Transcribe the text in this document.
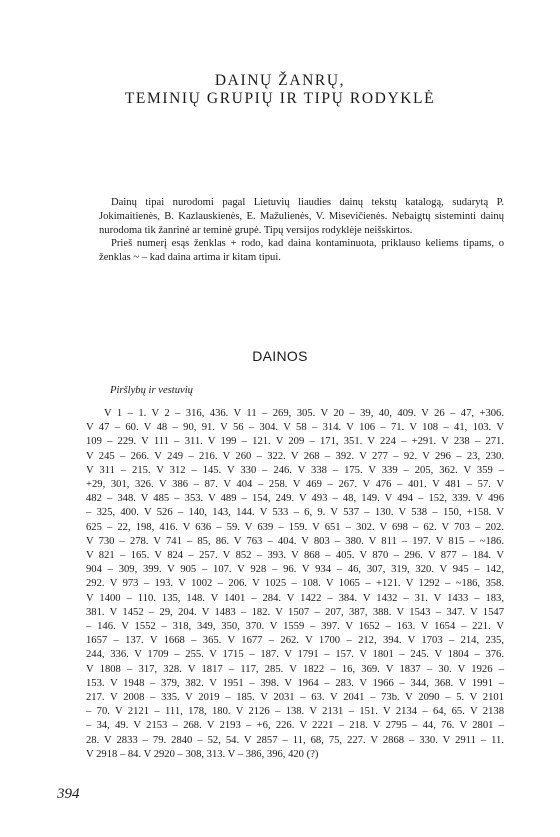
DAINŲ ŽANRŲ,
TEMINIŲ GRUPIŲ IR TIPŲ RODYKLĖ

Dainų tipai nurodomi pagal Lietuvių liaudies dainų tekstų katalogą, sudarytą P. Jokimaitienės, B. Kazlauskienės, E. Mažulienės, V. Misevičienės. Nebaigtų sisteminti dainų nurodoma tik žanrinė ar teminė grupė. Tipų versijos rodyklėje neišskirtos.

Prieš numerį esąs ženklas + rodo, kad daina kontaminuota, priklauso keliems tipams, o ženklas ~ – kad daina artima ir kitam tipui.

DAINOS
Piršlybų ir vestuvių
V 1 – 1. V 2 – 316, 436. V 11 – 269, 305. V 20 – 39, 40, 409. V 26 – 47, +306.
V 47 – 60. V 48 – 90, 91. V 56 – 304. V 58 – 314. V 106 – 71. V 108 – 41, 103. V
109 – 229. V 111 – 311. V 199 – 121. V 209 – 171, 351. V 224 – +291. V 238 – 271.
V 245 – 266. V 249 – 216. V 260 – 322. V 268 – 392. V 277 – 92. V 296 – 23, 230.
V 311 – 215. V 312 – 145. V 330 – 246. V 338 – 175. V 339 – 205, 362. V 359 –
+29, 301, 326. V 386 – 87. V 404 – 258. V 469 – 267. V 476 – 401. V 481 – 57. V
482 – 348. V 485 – 353. V 489 – 154, 249. V 493 – 48, 149. V 494 – 152, 339. V 496
– 325, 400. V 526 – 140, 143, 144. V 533 – 6, 9. V 537 – 130. V 538 – 150, +158. V
625 – 22, 198, 416. V 636 – 59. V 639 – 159. V 651 – 302. V 698 – 62. V 703 – 202.
V 730 – 278. V 741 – 85, 86. V 763 – 404. V 803 – 380. V 811 – 197. V 815 – ~186.
V 821 – 165. V 824 – 257. V 852 – 393. V 868 – 405. V 870 – 296. V 877 – 184. V
904 – 309, 399. V 905 – 107. V 928 – 96. V 934 – 46, 307, 319, 320. V 945 – 142,
292. V 973 – 193. V 1002 – 206. V 1025 – 108. V 1065 – +121. V 1292 – ~186, 358.
V 1400 – 110. 135, 148. V 1401 – 284. V 1422 – 384. V 1432 – 31. V 1433 – 183,
381. V 1452 – 29, 204. V 1483 – 182. V 1507 – 207, 387, 388. V 1543 – 347. V 1547
– 146. V 1552 – 318, 349, 350, 370. V 1559 – 397. V 1652 – 163. V 1654 – 221. V
1657 – 137. V 1668 – 365. V 1677 – 262. V 1700 – 212, 394. V 1703 – 214, 235,
244, 336. V 1709 – 255. V 1715 – 187. V 1791 – 157. V 1801 – 245. V 1804 – 376.
V 1808 – 317, 328. V 1817 – 117, 285. V 1822 – 16, 369. V 1837 – 30. V 1926 –
153. V 1948 – 379, 382. V 1951 – 398. V 1964 – 283. V 1966 – 344, 368. V 1991 –
217. V 2008 – 335. V 2019 – 185. V 2031 – 63. V 2041 – 73b. V 2090 – 5. V 2101
– 70. V 2121 – 111, 178, 180. V 2126 – 138. V 2131 – 151. V 2134 – 64, 65. V 2138
– 34, 49. V 2153 – 268. V 2193 – +6, 226. V 2221 – 218. V 2795 – 44, 76. V 2801 –
28. V 2833 – 79. 2840 – 52, 54. V 2857 – 11, 68, 75, 227. V 2868 – 330. V 2911 – 11.
V 2918 – 84. V 2920 – 308, 313. V – 386, 396, 420 (?)
394
